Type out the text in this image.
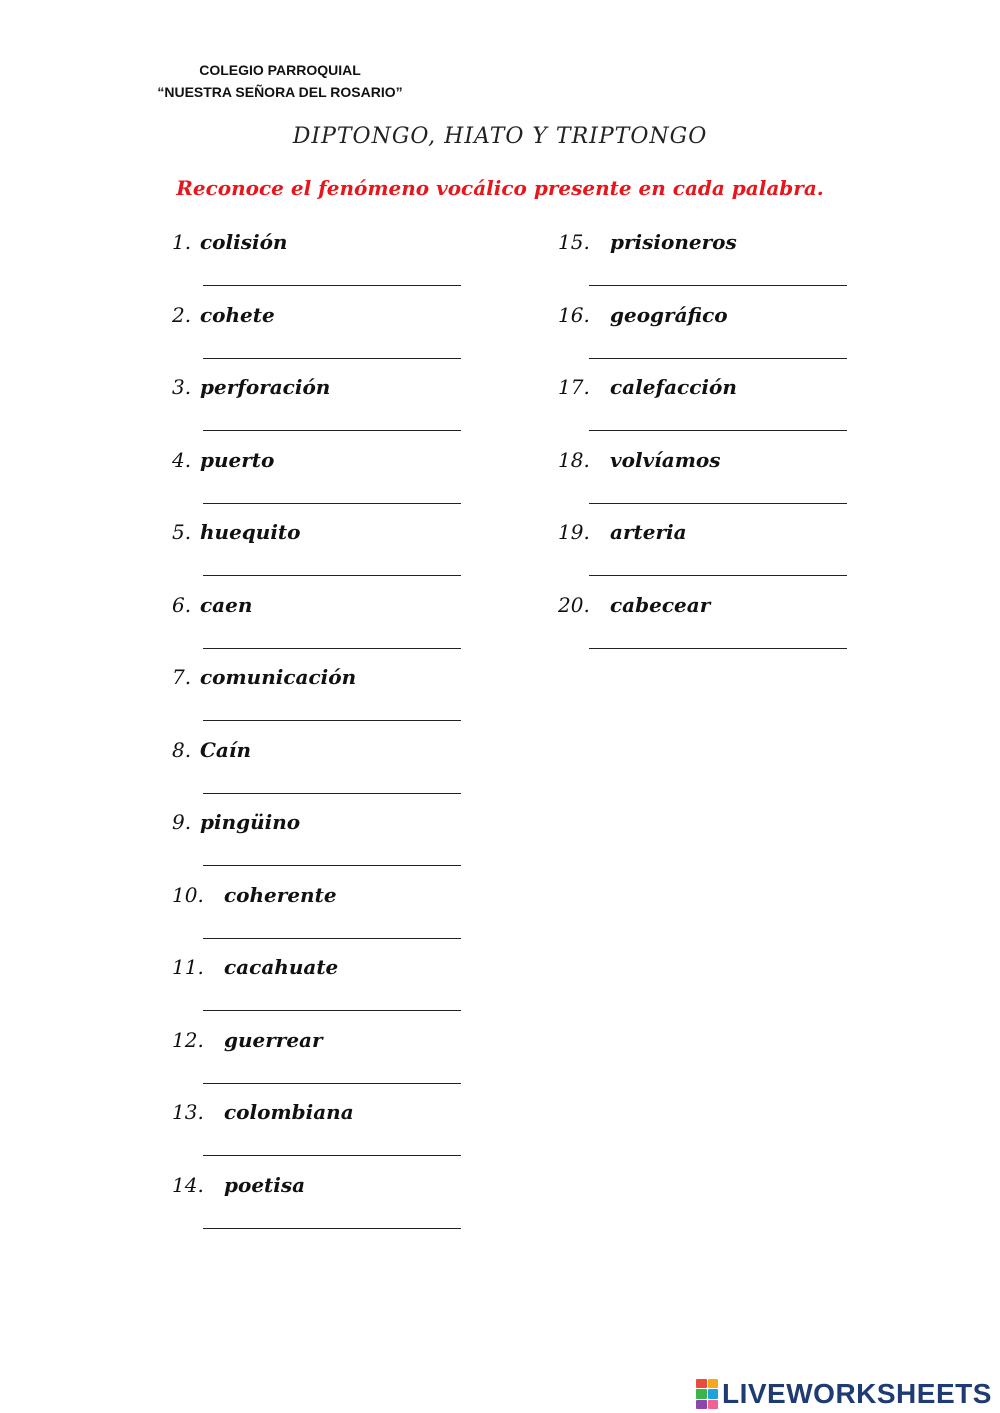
COLEGIO PARROQUIAL
“NUESTRA SEÑORA DEL ROSARIO”
DIPTONGO, HIATO Y TRIPTONGO
Reconoce el fenómeno vocálico presente en cada palabra.
1. colisión
2. cohete
3. perforación
4. puerto
5. huequito
6. caen
7. comunicación
8. Caín
9. pingüino
10. coherente
11. cacahuate
12. guerrear
13. colombiana
14. poetisa
15. prisioneros
16. geográfico
17. calefacción
18. volvíamos
19. arteria
20. cabecear
LIVEWORKSHEETS
